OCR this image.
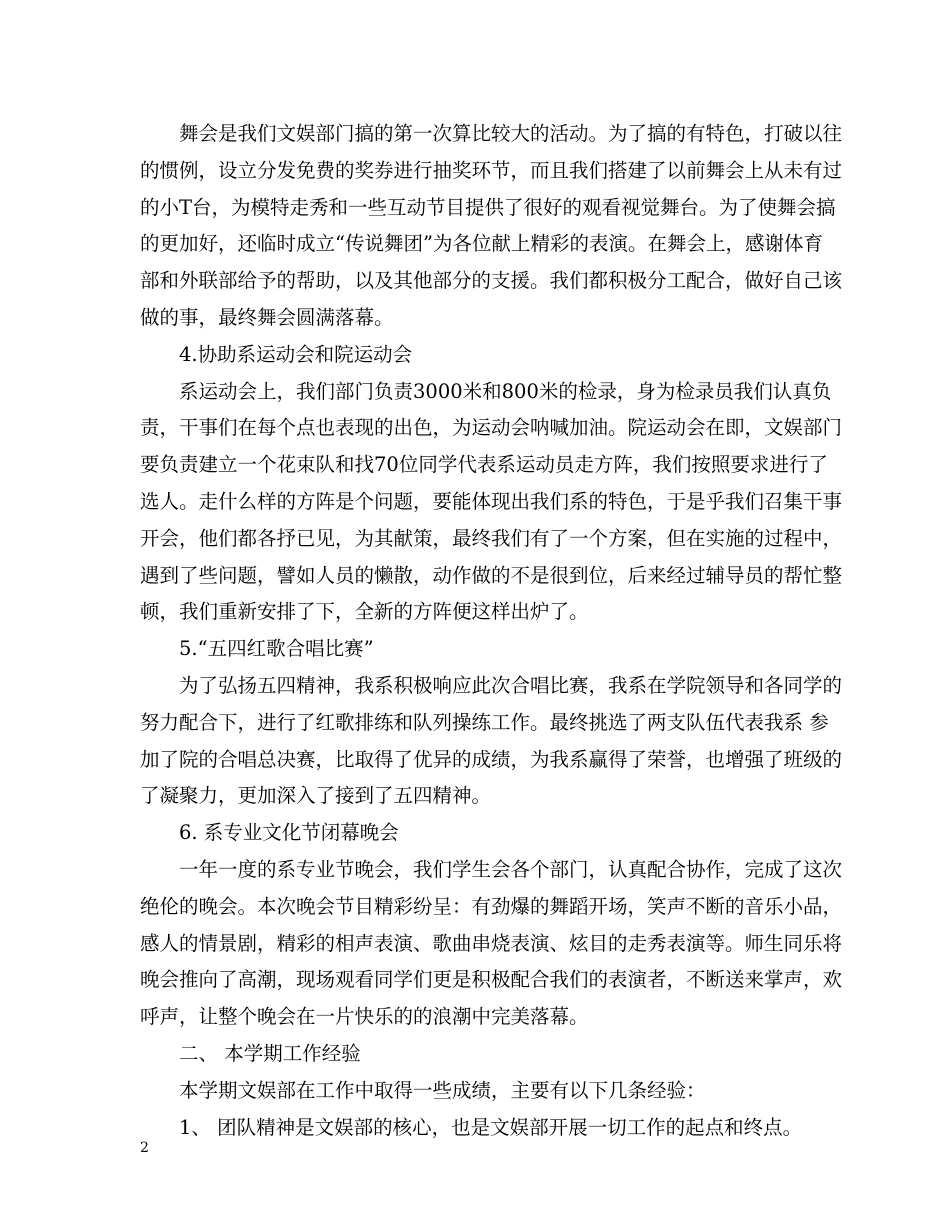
舞会是我们文娱部门搞的第一次算比较大的活动。为了搞的有特色，打破以往
的惯例，设立分发免费的奖券进行抽奖环节，而且我们搭建了以前舞会上从未有过
的小T台，为模特走秀和一些互动节目提供了很好的观看视觉舞台。为了使舞会搞
的更加好，还临时成立“传说舞团”为各位献上精彩的表演。在舞会上，感谢体育
部和外联部给予的帮助，以及其他部分的支援。我们都积极分工配合，做好自己该
做的事，最终舞会圆满落幕。
4.协助系运动会和院运动会
系运动会上，我们部门负责3000米和800米的检录，身为检录员我们认真负
责，干事们在每个点也表现的出色，为运动会呐喊加油。院运动会在即，文娱部门
要负责建立一个花束队和找70位同学代表系运动员走方阵，我们按照要求进行了
选人。走什么样的方阵是个问题，要能体现出我们系的特色，于是乎我们召集干事
开会，他们都各抒已见，为其献策，最终我们有了一个方案，但在实施的过程中，
遇到了些问题，譬如人员的懒散，动作做的不是很到位，后来经过辅导员的帮忙整
顿，我们重新安排了下，全新的方阵便这样出炉了。
5.“五四红歌合唱比赛”
为了弘扬五四精神，我系积极响应此次合唱比赛，我系在学院领导和各同学的
努力配合下，进行了红歌排练和队列操练工作。最终挑选了两支队伍代表我系 参
加了院的合唱总决赛，比取得了优异的成绩，为我系赢得了荣誉，也增强了班级的
了凝聚力，更加深入了接到了五四精神。
6. 系专业文化节闭幕晚会
一年一度的系专业节晚会，我们学生会各个部门，认真配合协作，完成了这次
绝伦的晚会。本次晚会节目精彩纷呈：有劲爆的舞蹈开场，笑声不断的音乐小品，
感人的情景剧，精彩的相声表演、歌曲串烧表演、炫目的走秀表演等。师生同乐将
晚会推向了高潮，现场观看同学们更是积极配合我们的表演者，不断送来掌声，欢
呼声，让整个晚会在一片快乐的的浪潮中完美落幕。
二、 本学期工作经验
本学期文娱部在工作中取得一些成绩，主要有以下几条经验：
1、 团队精神是文娱部的核心，也是文娱部开展一切工作的起点和终点。
2
